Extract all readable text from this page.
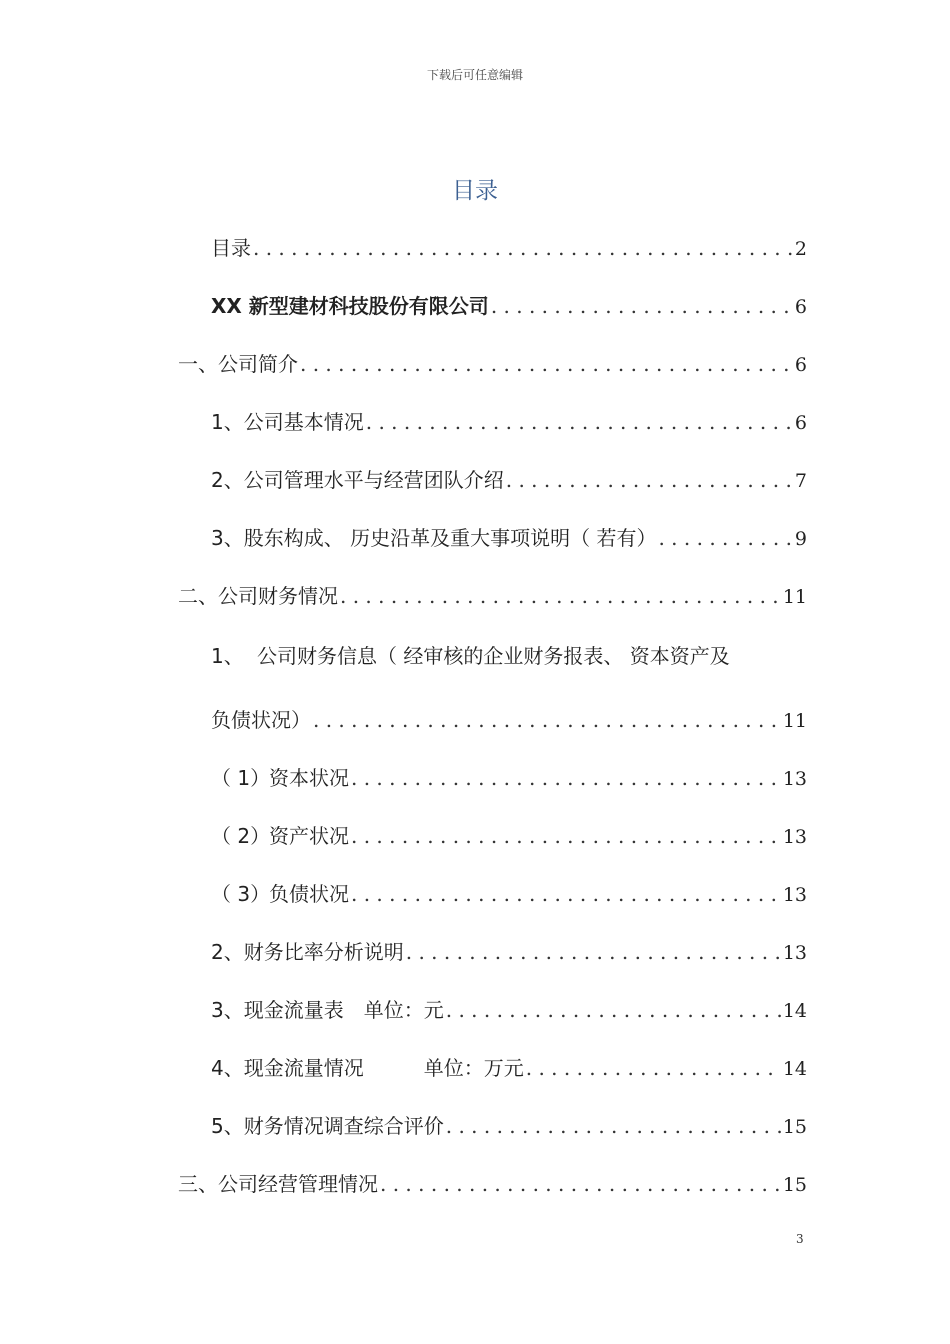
下载后可任意编辑
目录
目录 . . .	2
XX 新型建材科技股份有限公司 . . .	6
一、 公司简介 . . .	6
1、 公司基本情况 . . .	6
2、 公司管理水平与经营团队介绍 . . .	7
3、 股东构成、 历史沿革及重大事项说明（ 若有） . . .	9
二、 公司财务情况 . . .	11
1、 公司财务信息（ 经审核的企业财务报表、 资本资产及
负债状况） . . .	11
（ 1）
资本状况 . . .	13
（ 2）
资产状况 . . .	13
（ 3）
负债状况 . . .	13
2、 财务比率分析说明 . . .	13
3、 现金流量表　单位：元 . . .	14
4、 现金流量情况　　　单位：万元 . . .	14
5、 财务情况调查综合评价 . . .	15
三、 公司经营管理情况 . . .	15
3
